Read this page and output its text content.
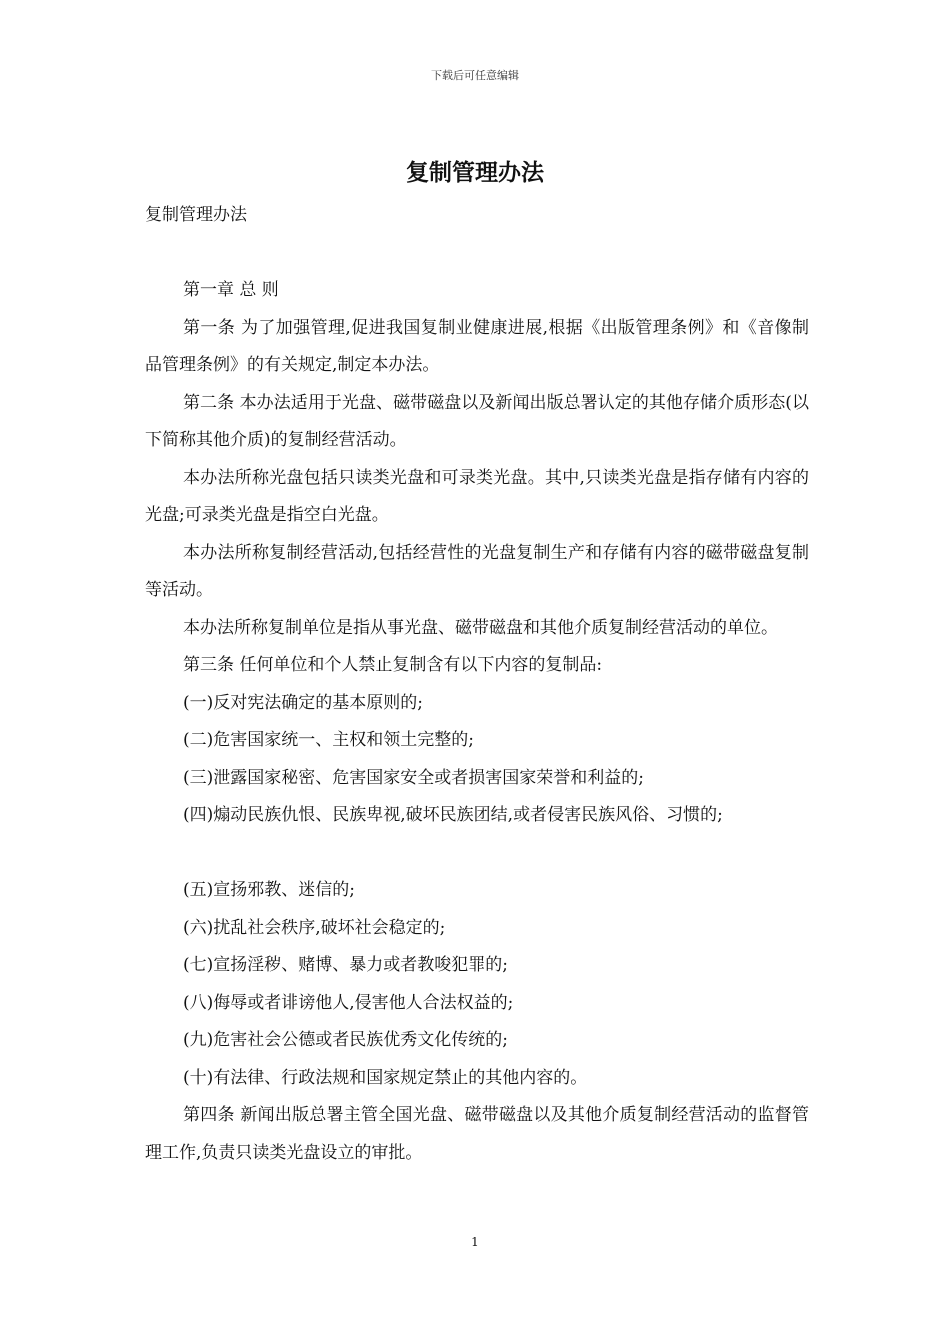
下载后可任意编辑
复制管理办法

复制管理办法

第一章 总 则

第一条 为了加强管理,促进我国复制业健康进展,根据《出版管理条例》和《音像制品管理条例》的有关规定,制定本办法。

第二条 本办法适用于光盘、磁带磁盘以及新闻出版总署认定的其他存储介质形态(以下简称其他介质)的复制经营活动。

本办法所称光盘包括只读类光盘和可录类光盘。其中,只读类光盘是指存储有内容的光盘;可录类光盘是指空白光盘。

本办法所称复制经营活动,包括经营性的光盘复制生产和存储有内容的磁带磁盘复制等活动。

本办法所称复制单位是指从事光盘、磁带磁盘和其他介质复制经营活动的单位。

第三条 任何单位和个人禁止复制含有以下内容的复制品:

(一)反对宪法确定的基本原则的;

(二)危害国家统一、主权和领土完整的;

(三)泄露国家秘密、危害国家安全或者损害国家荣誉和利益的;

(四)煽动民族仇恨、民族卑视,破坏民族团结,或者侵害民族风俗、习惯的;

(五)宣扬邪教、迷信的;

(六)扰乱社会秩序,破坏社会稳定的;

(七)宣扬淫秽、赌博、暴力或者教唆犯罪的;

(八)侮辱或者诽谤他人,侵害他人合法权益的;

(九)危害社会公德或者民族优秀文化传统的;

(十)有法律、行政法规和国家规定禁止的其他内容的。

第四条 新闻出版总署主管全国光盘、磁带磁盘以及其他介质复制经营活动的监督管理工作,负责只读类光盘设立的审批。

1
